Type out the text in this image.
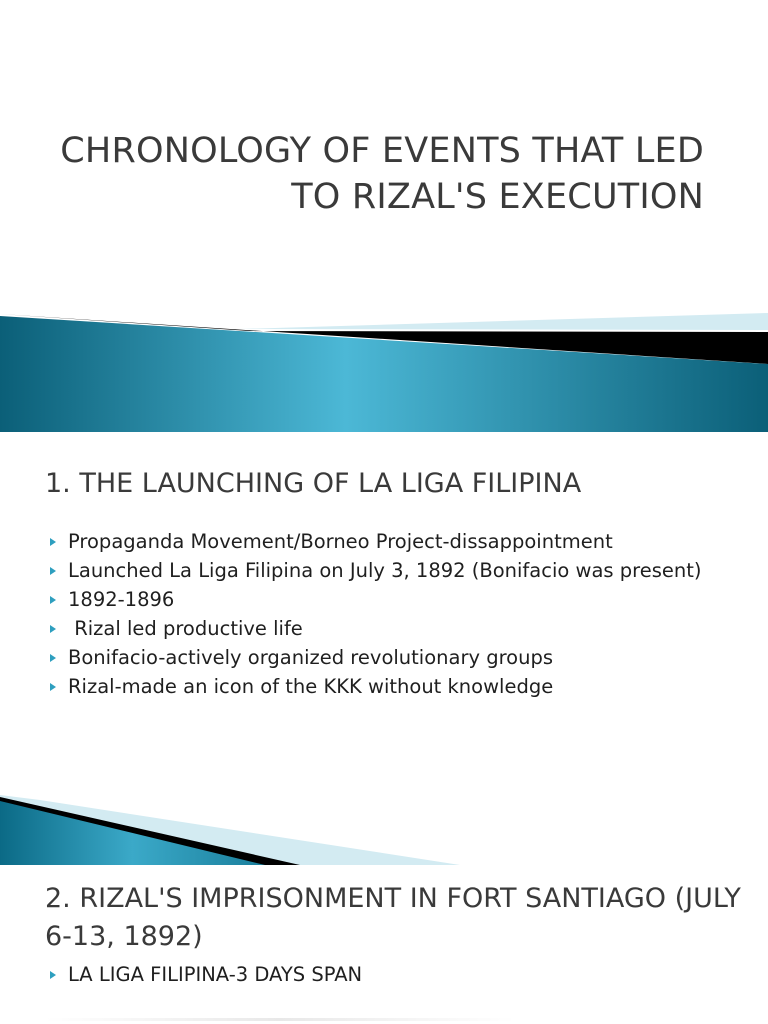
CHRONOLOGY OF EVENTS THAT LED TO RIZAL'S EXECUTION
1. THE LAUNCHING OF LA LIGA FILIPINA
Propaganda Movement/Borneo Project-dissappointment
Launched La Liga Filipina on July 3, 1892 (Bonifacio was present)
1892-1896
Rizal led productive life
Bonifacio-actively organized revolutionary groups
Rizal-made an icon of the KKK without knowledge
2. RIZAL'S IMPRISONMENT IN FORT SANTIAGO (JULY 6-13, 1892)
LA LIGA FILIPINA-3 DAYS SPAN
